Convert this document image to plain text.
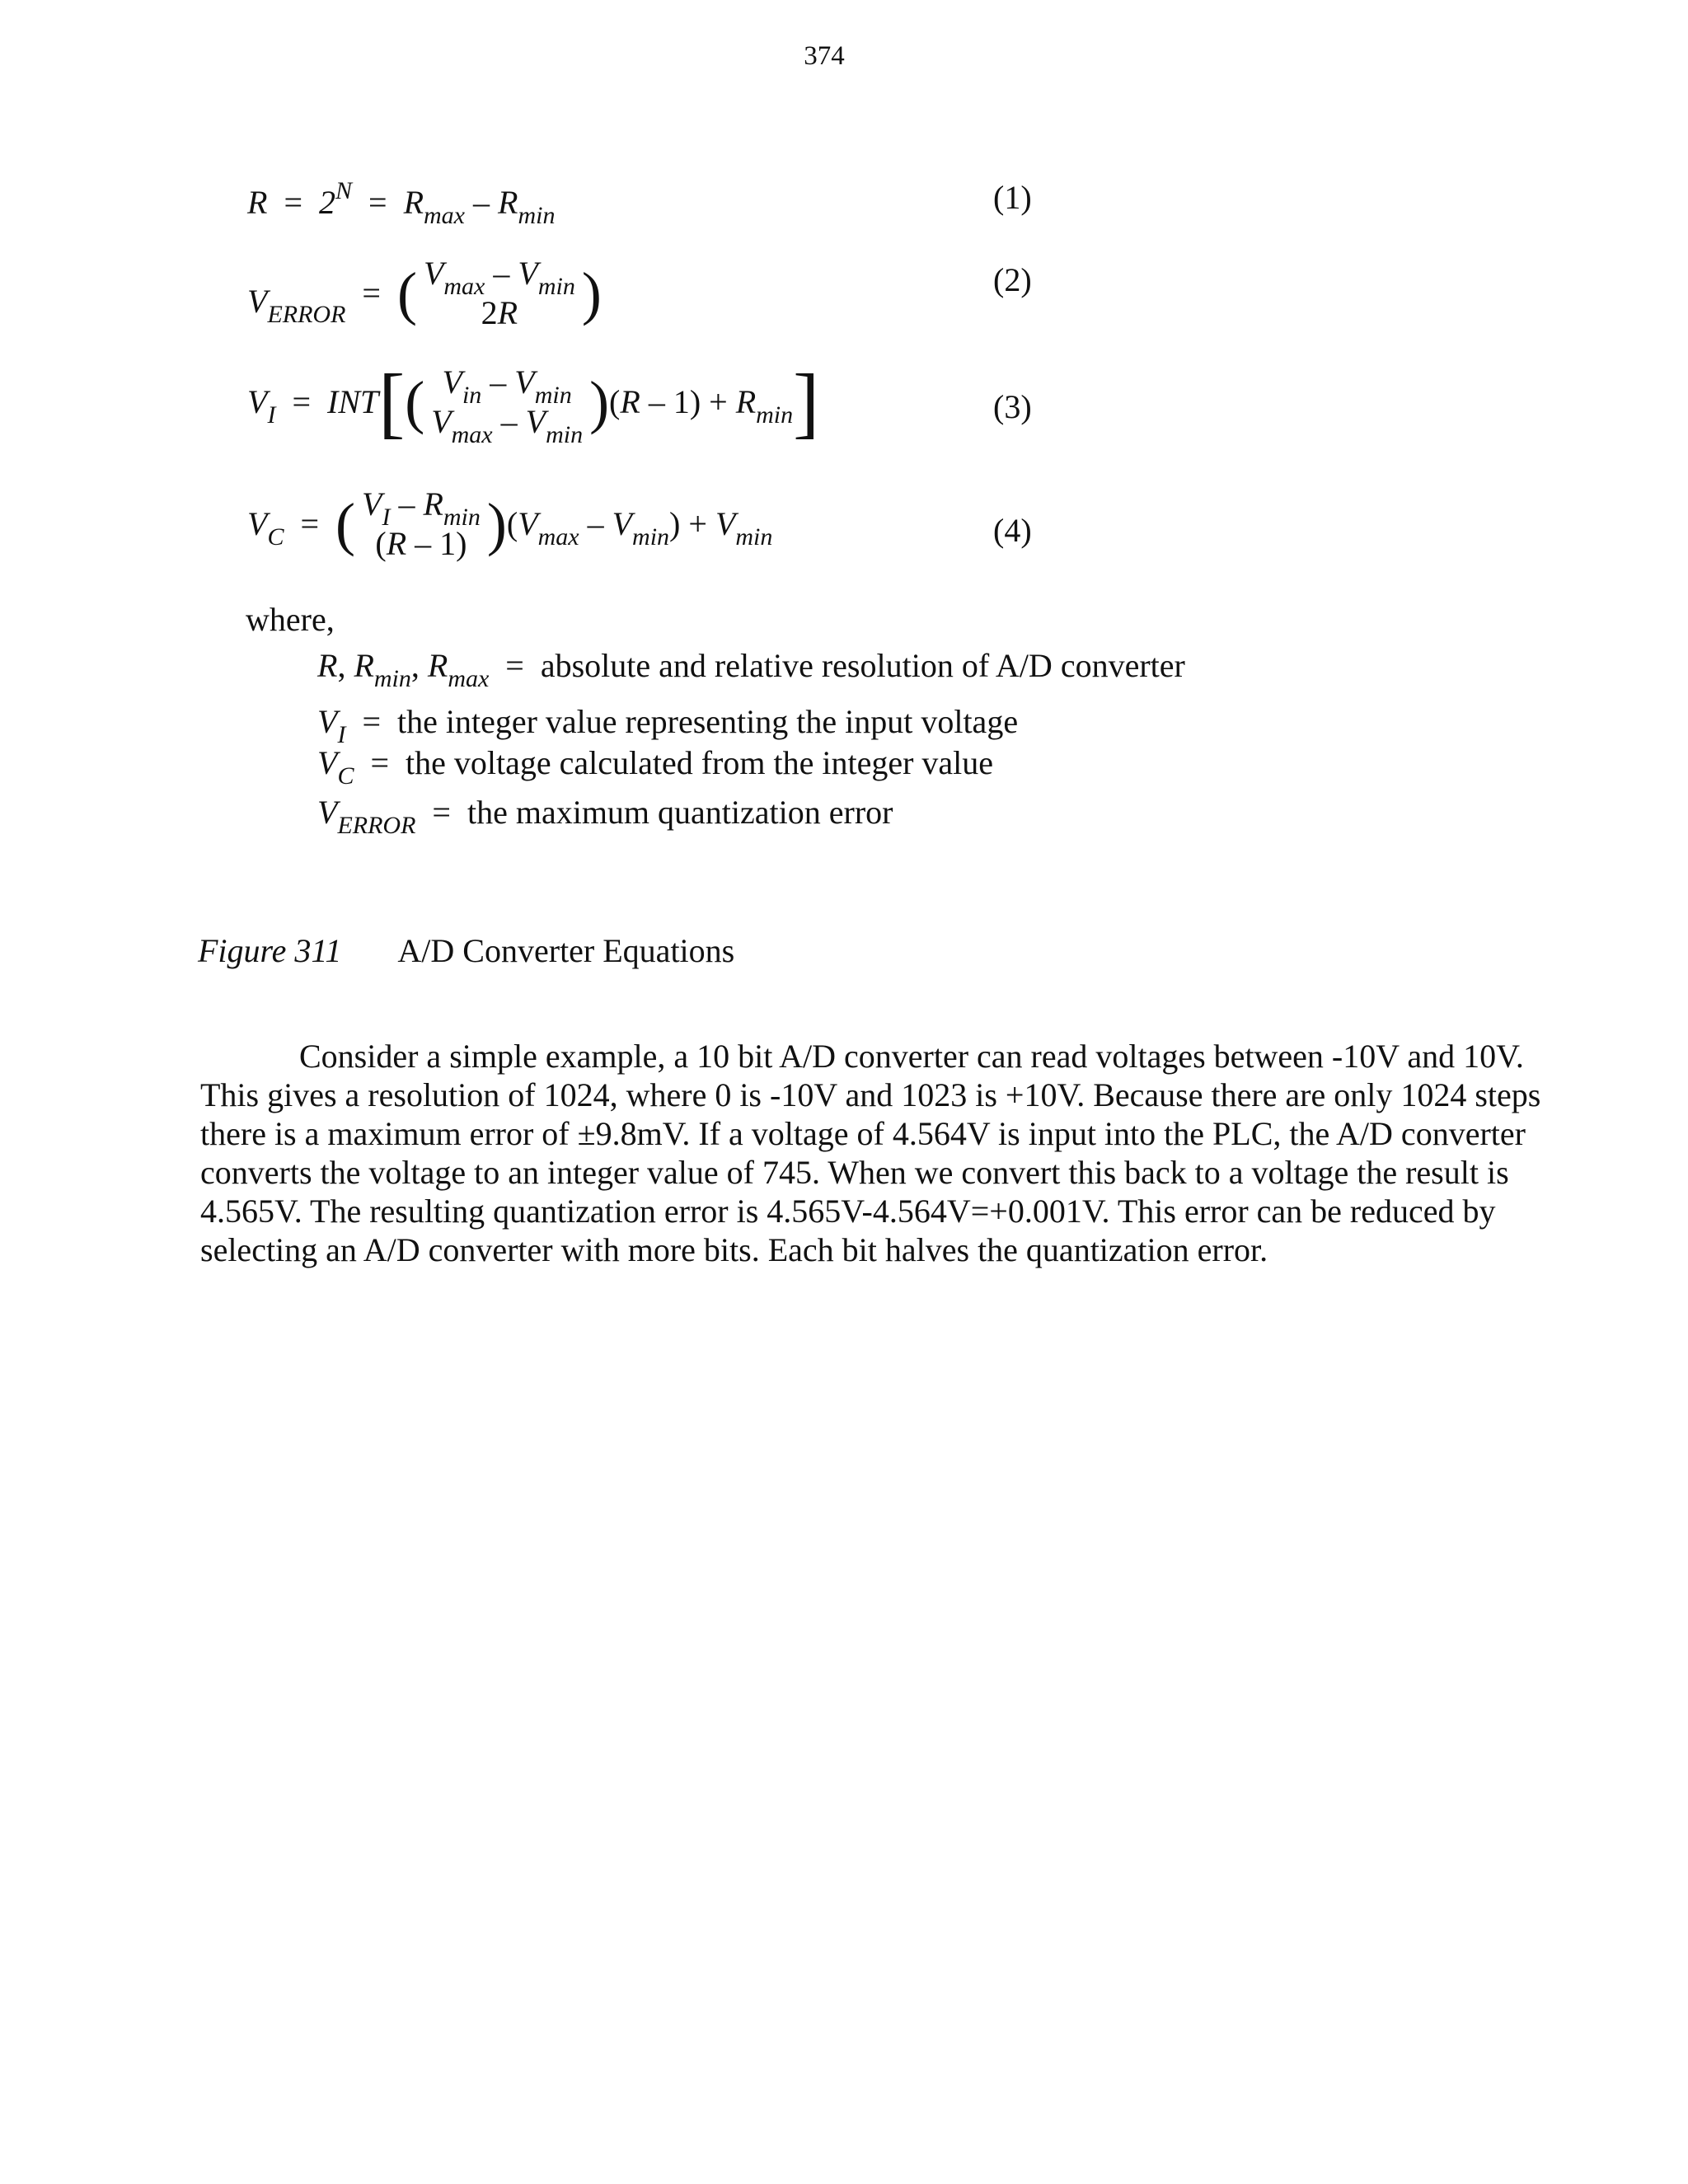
374
$R = 2^N = R_{max} - R_{min}$	(1)
$V_{ERROR}$  =  ( $V_{max} - V_{min}$
2R	)	(2)
$V_I = INT$[( $V_{in} - V_{min}$
$V_{max} - V_{min}$ )$(R - 1) + R_{min}$]	(3)
$V_C$  =  ( $V_I - R_{min}$
(R – 1) )$(V_{max} - V_{min}) + V_{min}$	(4)
where,
R, $R_{min}$, $R_{max}$  =  absolute and relative resolution of A/D converter
$V_I$  =  the integer value representing the input voltage
$V_C$  =  the voltage calculated from the integer value
$V_{ERROR}$  =  the maximum quantization error
Figure 311 A/D Converter Equations

Consider a simple example, a 10 bit A/D converter can read voltages between -10V and 10V. This gives a resolution of 1024, where 0 is -10V and 1023 is +10V. Because there are only 1024 steps there is a maximum error of ±9.8mV. If a voltage of 4.564V is input into the PLC, the A/D converter converts the voltage to an integer value of 745. When we convert this back to a voltage the result is 4.565V. The resulting quantization error is 4.565V-4.564V=+0.001V. This error can be reduced by selecting an A/D converter with more bits. Each bit halves the quantization error.
